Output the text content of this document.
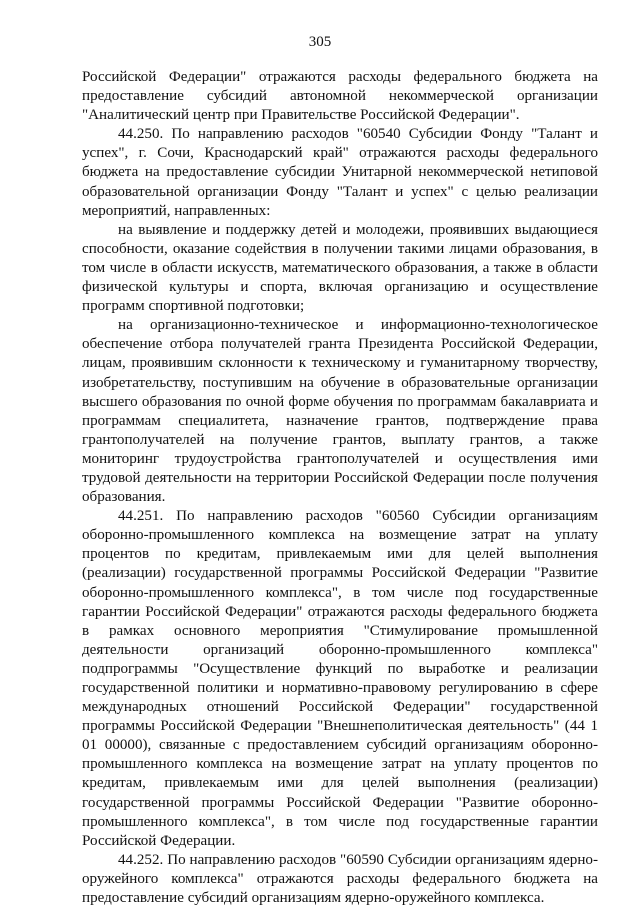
305

Российской Федерации" отражаются расходы федерального бюджета на предоставление субсидий автономной некоммерческой организации "Аналитический центр при Правительстве Российской Федерации".

44.250. По направлению расходов "60540 Субсидии Фонду "Талант и успех", г. Сочи, Краснодарский край" отражаются расходы федерального бюджета на предоставление субсидии Унитарной некоммерческой нетиповой образовательной организации Фонду "Талант и успех" с целью реализации мероприятий, направленных:

на выявление и поддержку детей и молодежи, проявивших выдающиеся способности, оказание содействия в получении такими лицами образования, в том числе в области искусств, математического образования, а также в области физической культуры и спорта, включая организацию и осуществление программ спортивной подготовки;

на организационно-техническое и информационно-технологическое обеспечение отбора получателей гранта Президента Российской Федерации, лицам, проявившим склонности к техническому и гуманитарному творчеству, изобретательству, поступившим на обучение в образовательные организации высшего образования по очной форме обучения по программам бакалавриата и программам специалитета, назначение грантов, подтверждение права грантополучателей на получение грантов, выплату грантов, а также мониторинг трудоустройства грантополучателей и осуществления ими трудовой деятельности на территории Российской Федерации после получения образования.

44.251. По направлению расходов "60560 Субсидии организациям оборонно-промышленного комплекса на возмещение затрат на уплату процентов по кредитам, привлекаемым ими для целей выполнения (реализации) государственной программы Российской Федерации "Развитие оборонно-промышленного комплекса", в том числе под государственные гарантии Российской Федерации" отражаются расходы федерального бюджета в рамках основного мероприятия "Стимулирование промышленной деятельности организаций оборонно-промышленного комплекса" подпрограммы "Осуществление функций по выработке и реализации государственной политики и нормативно-правовому регулированию в сфере международных отношений Российской Федерации" государственной программы Российской Федерации "Внешнеполитическая деятельность" (44 1 01 00000), связанные с предоставлением субсидий организациям оборонно-промышленного комплекса на возмещение затрат на уплату процентов по кредитам, привлекаемым ими для целей выполнения (реализации) государственной программы Российской Федерации "Развитие оборонно-промышленного комплекса", в том числе под государственные гарантии Российской Федерации.

44.252. По направлению расходов "60590 Субсидии организациям ядерно-оружейного комплекса" отражаются расходы федерального бюджета на предоставление субсидий организациям ядерно-оружейного комплекса.
